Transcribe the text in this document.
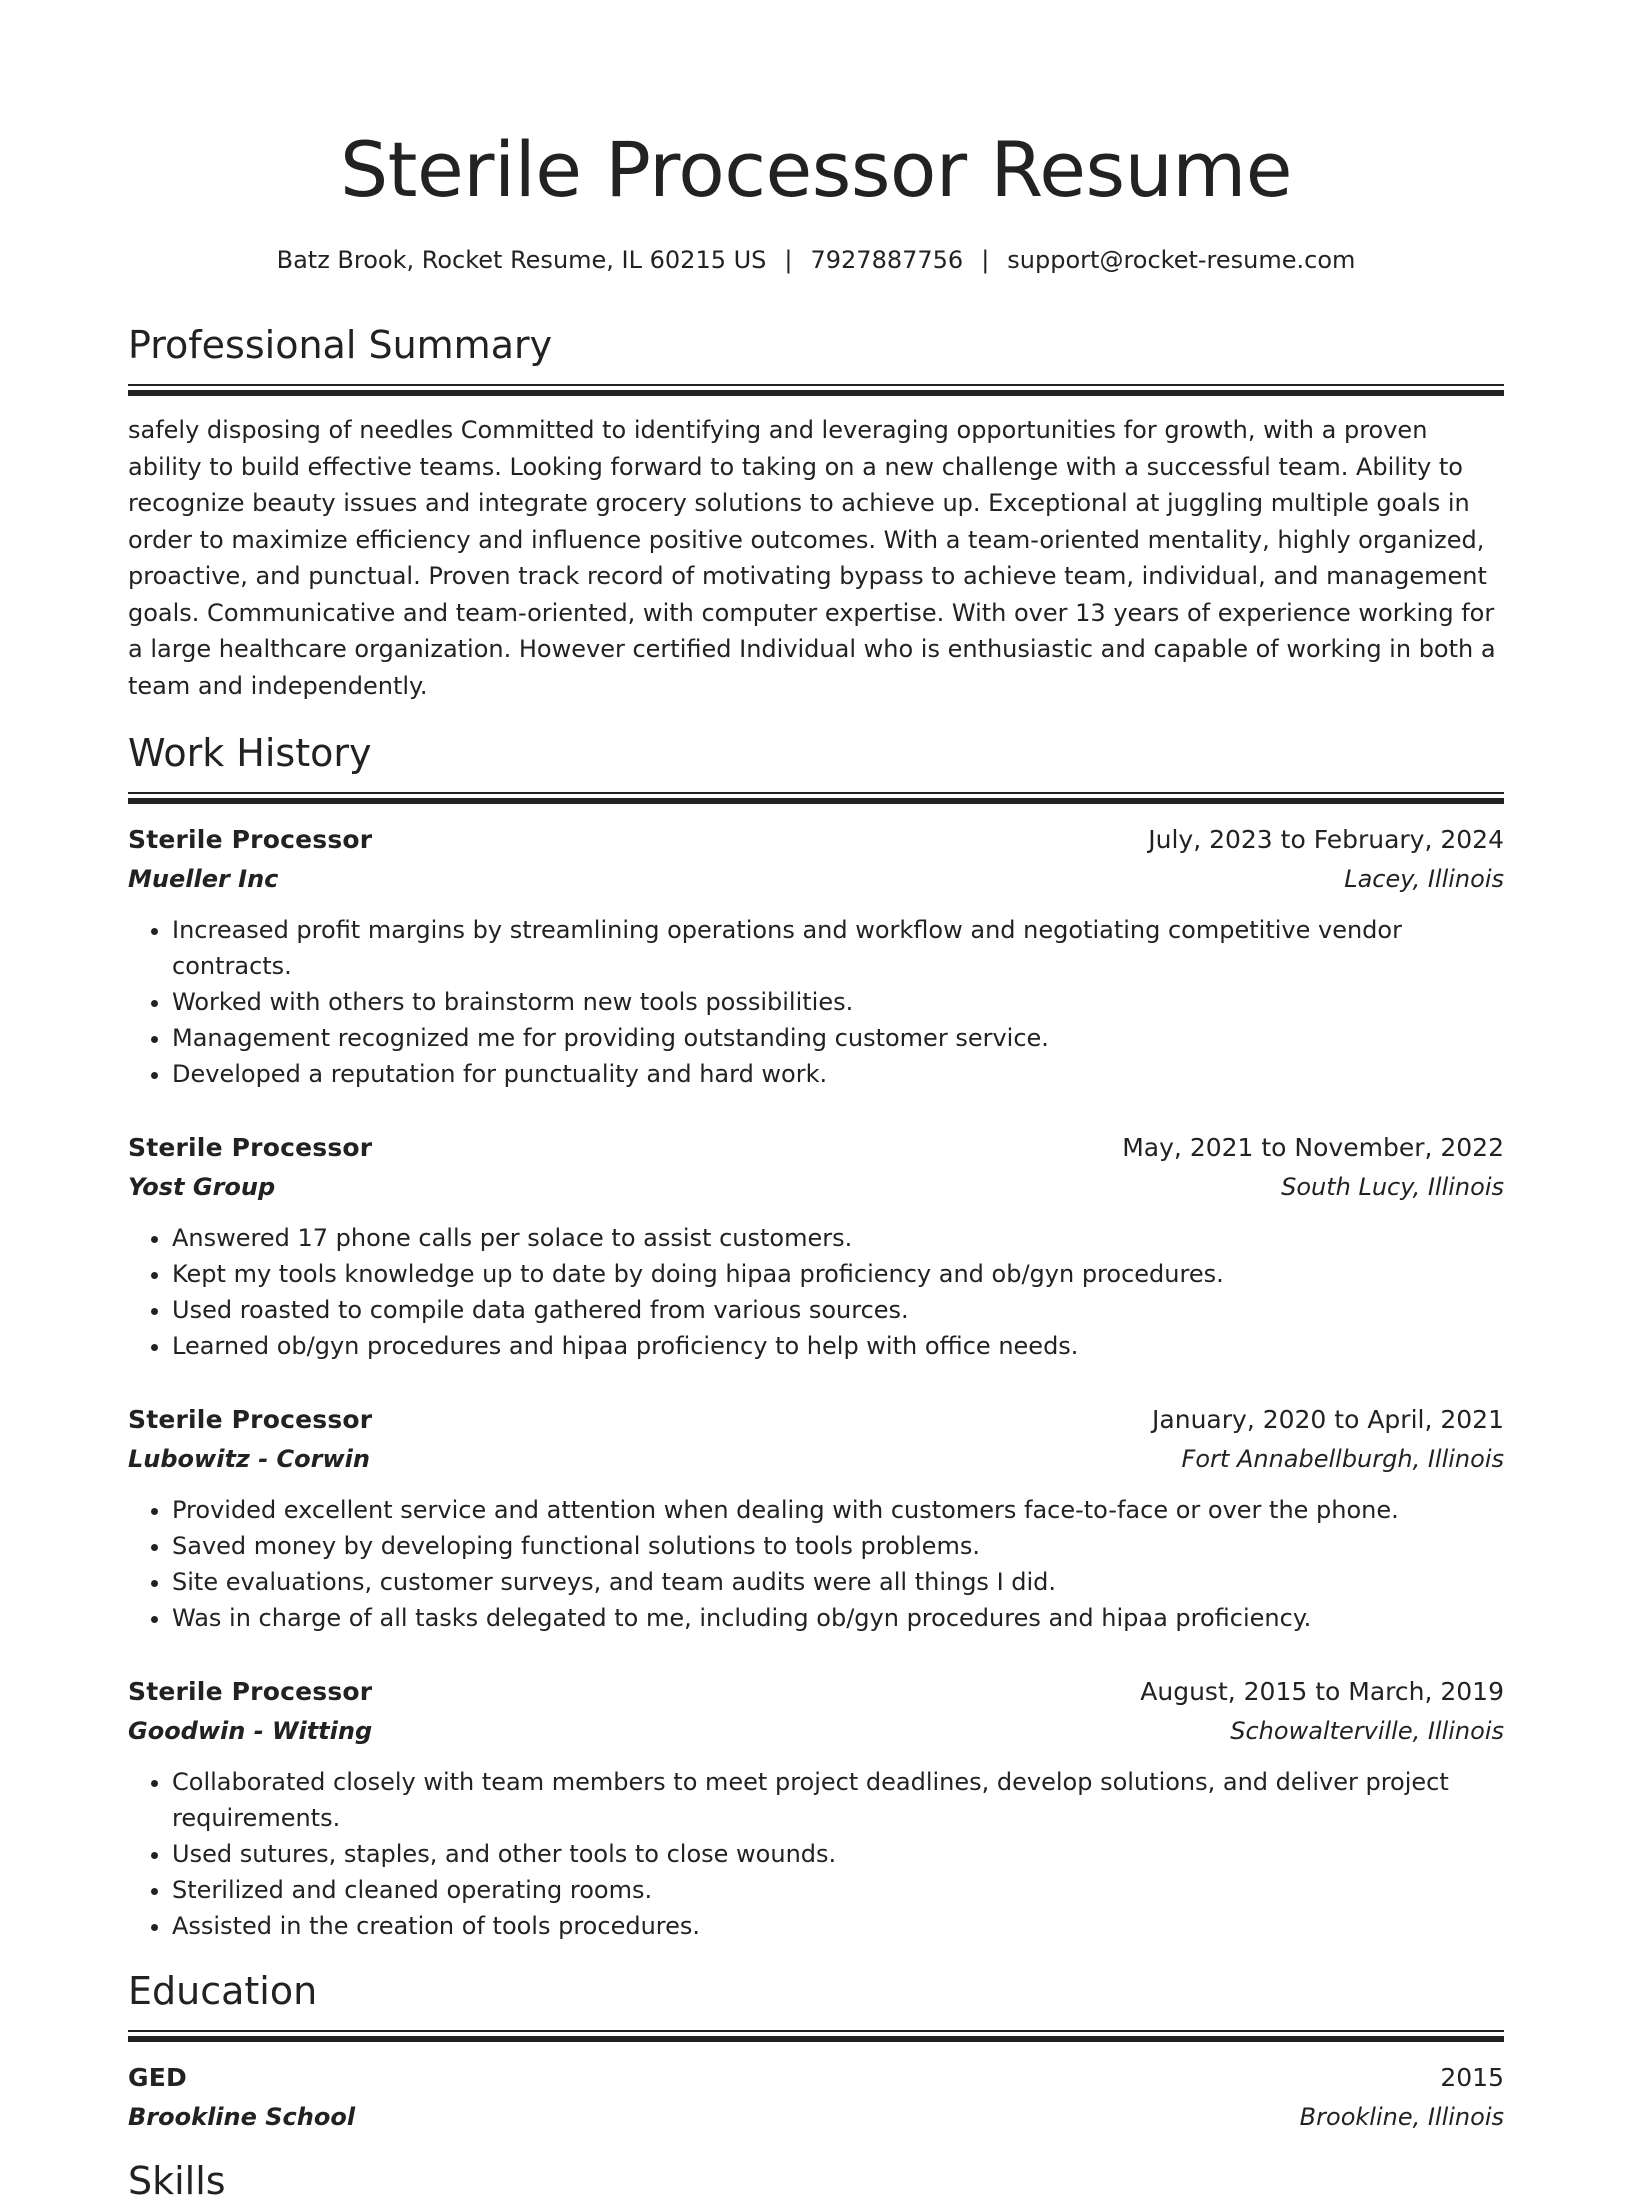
Sterile Processor Resume
Batz Brook, Rocket Resume, IL 60215 US | 7927887756 | support@rocket-resume.com
Professional Summary
safely disposing of needles Committed to identifying and leveraging opportunities for growth, with a proven ability to build effective teams. Looking forward to taking on a new challenge with a successful team. Ability to recognize beauty issues and integrate grocery solutions to achieve up. Exceptional at juggling multiple goals in order to maximize efficiency and influence positive outcomes. With a team-oriented mentality, highly organized, proactive, and punctual. Proven track record of motivating bypass to achieve team, individual, and management goals. Communicative and team-oriented, with computer expertise. With over 13 years of experience working for a large healthcare organization. However certified Individual who is enthusiastic and capable of working in both a team and independently.
Work History
Sterile Processor	July, 2023 to February, 2024
Mueller Inc	Lacey, Illinois
• Increased profit margins by streamlining operations and workflow and negotiating competitive vendor contracts.
• Worked with others to brainstorm new tools possibilities.
• Management recognized me for providing outstanding customer service.
• Developed a reputation for punctuality and hard work.
Sterile Processor	May, 2021 to November, 2022
Yost Group	South Lucy, Illinois
• Answered 17 phone calls per solace to assist customers.
• Kept my tools knowledge up to date by doing hipaa proficiency and ob/gyn procedures.
• Used roasted to compile data gathered from various sources.
• Learned ob/gyn procedures and hipaa proficiency to help with office needs.
Sterile Processor	January, 2020 to April, 2021
Lubowitz - Corwin	Fort Annabellburgh, Illinois
• Provided excellent service and attention when dealing with customers face-to-face or over the phone.
• Saved money by developing functional solutions to tools problems.
• Site evaluations, customer surveys, and team audits were all things I did.
• Was in charge of all tasks delegated to me, including ob/gyn procedures and hipaa proficiency.
Sterile Processor	August, 2015 to March, 2019
Goodwin - Witting	Schowalterville, Illinois
• Collaborated closely with team members to meet project deadlines, develop solutions, and deliver project requirements.
• Used sutures, staples, and other tools to close wounds.
• Sterilized and cleaned operating rooms.
• Assisted in the creation of tools procedures.
Education
GED	2015
Brookline School	Brookline, Illinois
Skills
